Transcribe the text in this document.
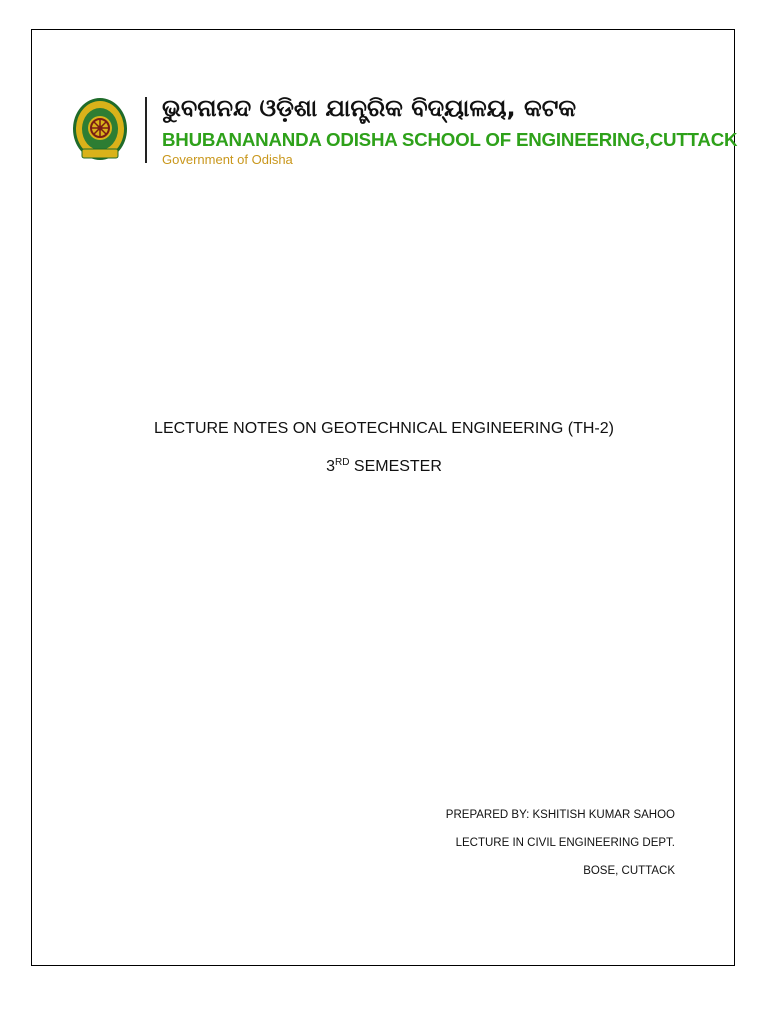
ଭୁବନାନନ୍ଦ ଓଡ଼ିଶା ଯାନ୍ତ୍ରିକ ବିଦ୍ୟାଳୟ, କଟକ
BHUBANANANDA ODISHA SCHOOL OF ENGINEERING,CUTTACK
Government of Odisha
LECTURE NOTES ON GEOTECHNICAL ENGINEERING (TH-2)
3RD SEMESTER
PREPARED BY: KSHITISH KUMAR SAHOO
LECTURE IN CIVIL ENGINEERING DEPT.
BOSE, CUTTACK
